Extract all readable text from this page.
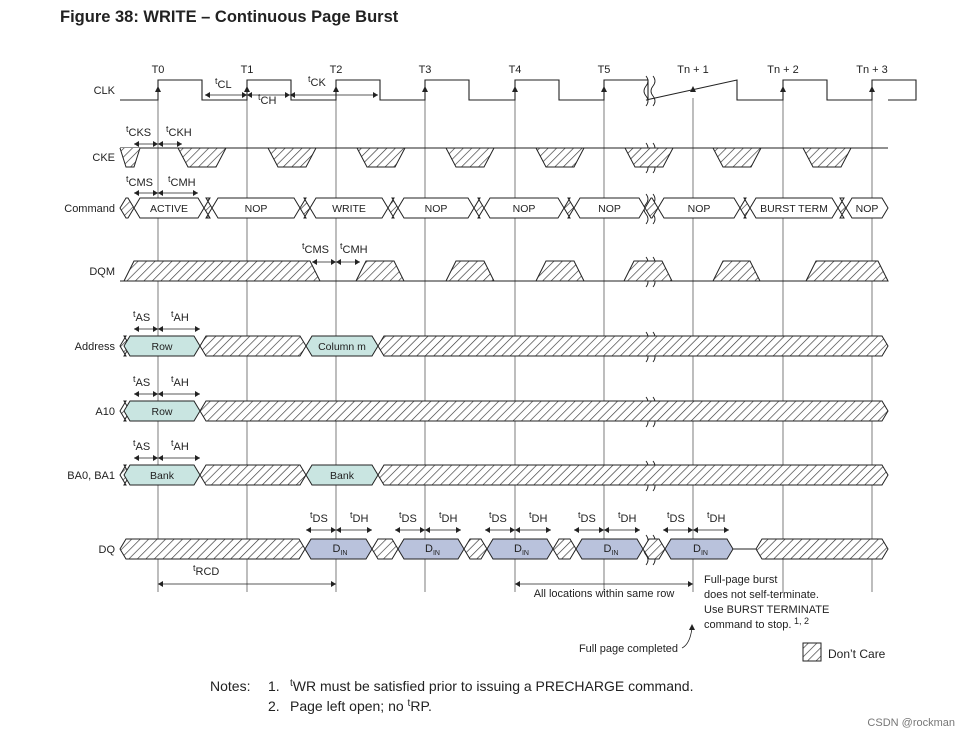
Figure 38: WRITE – Continuous Page Burst
T0	T1	T2	T3	T4	T5	Tn + 1	Tn + 2	Tn + 3
CLK
CKE
Command
DQM
Address
A10
BA0, BA1
DQ
ACTIVE	NOP	WRITE	NOP	NOP	NOP	NOP	BURST TERM	NOP
Row	Column m
Row
Bank	Bank
$D_{IN}$	$D_{IN}$	$D_{IN}$	$D_{IN}$	$D_{IN}$
$^t$CL
$^t$CH
$^t$CK
$^t$CKS $^t$CKH
$^t$CMS $^t$CMH
$^t$CMS $^t$CMH
$^t$AS $^t$AH
$^t$AS $^t$AH
$^t$AS $^t$AH
$^t$DS $^t$DH	$^t$DS $^t$DH	$^t$DS $^t$DH	$^t$DS $^t$DH	$^t$DS $^t$DH
$^t$RCD
All locations within same row
Full-page burst
does not self-terminate.
Use BURST TERMINATE
command to stop. $^{1, 2}$
Full page completed	Don’t Care
Notes: 1. $^t$WR must be satisfied prior to issuing a PRECHARGE command.
2. Page left open; no $^t$RP.
CSDN @rockman
